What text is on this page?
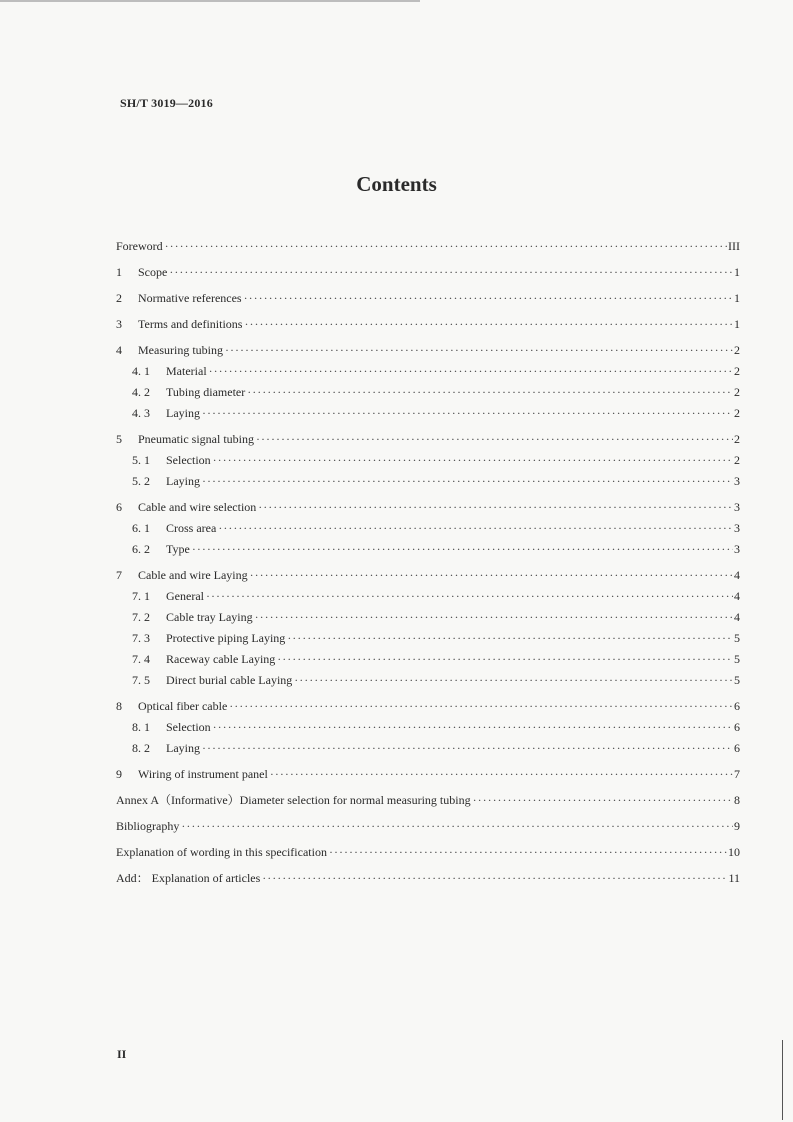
SH/T 3019—2016
Contents
Foreword ·····	III
1	Scope ·····	1
2	Normative references ·····	1
3	Terms and definitions ·····	1
4	Measuring tubing ·····	2
4. 1	Material ·····	2
4. 2	Tubing diameter ·····	2
4. 3	Laying ·····	2
5	Pneumatic signal tubing ·····	2
5. 1	Selection ·····	2
5. 2	Laying ·····	3
6	Cable and wire selection ·····	3
6. 1	Cross area ·····	3
6. 2	Type ·····	3
7	Cable and wire Laying ·····	4
7. 1	General ·····	4
7. 2	Cable tray Laying ·····	4
7. 3	Protective piping Laying ·····	5
7. 4	Raceway cable Laying ·····	5
7. 5	Direct burial cable Laying ·····	5
8	Optical fiber cable ·····	6
8. 1	Selection ·····	6
8. 2	Laying ·····	6
9	Wiring of instrument panel ·····	7
Annex A（Informative）Diameter selection for normal measuring tubing ·····	8
Bibliography ·····	9
Explanation of wording in this specification ·····	10
Add： Explanation of articles ·····	11
II
